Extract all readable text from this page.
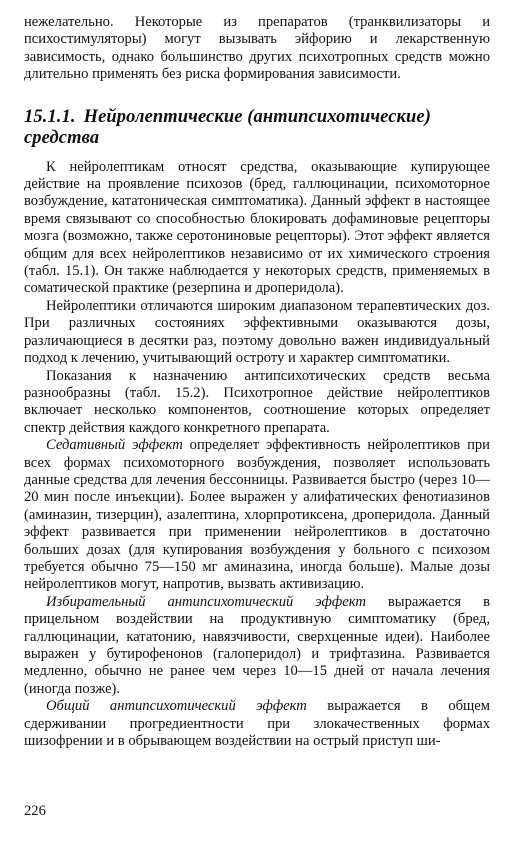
нежелательно. Некоторые из препаратов (транквилизаторы и психостимуляторы) могут вызывать эйфорию и лекарственную зависимость, однако большинство других психотропных средств можно длительно применять без риска формирования зависимости.

15.1.1. Нейролептические (антипсихотические) средства

К нейролептикам относят средства, оказывающие купирующее действие на проявление психозов (бред, галлюцинации, психомоторное возбуждение, кататоническая симптоматика). Данный эффект в настоящее время связывают со способностью блокировать дофаминовые рецепторы мозга (возможно, также серотониновые рецепторы). Этот эффект является общим для всех нейролептиков независимо от их химического строения (табл. 15.1). Он также наблюдается у некоторых средств, применяемых в соматической практике (резерпина и дроперидола).

Нейролептики отличаются широким диапазоном терапевтических доз. При различных состояниях эффективными оказываются дозы, различающиеся в десятки раз, поэтому довольно важен индивидуальный подход к лечению, учитывающий остроту и характер симптоматики.

Показания к назначению антипсихотических средств весьма разнообразны (табл. 15.2). Психотропное действие нейролептиков включает несколько компонентов, соотношение которых определяет спектр действия каждого конкретного препарата.

Седативный эффект определяет эффективность нейролептиков при всех формах психомоторного возбуждения, позволяет использовать данные средства для лечения бессонницы. Развивается быстро (через 10—20 мин после инъекции). Более выражен у алифатических фенотиазинов (аминазин, тизерцин), азалептина, хлорпротиксена, дроперидола. Данный эффект развивается при применении нейролептиков в достаточно больших дозах (для купирования возбуждения у больного с психозом требуется обычно 75—150 мг аминазина, иногда больше). Малые дозы нейролептиков могут, напротив, вызвать активизацию.

Избирательный антипсихотический эффект выражается в прицельном воздействии на продуктивную симптоматику (бред, галлюцинации, кататонию, навязчивости, сверхценные идеи). Наиболее выражен у бутирофенонов (галоперидол) и трифтазина. Развивается медленно, обычно не ранее чем через 10—15 дней от начала лечения (иногда позже).

Общий антипсихотический эффект выражается в общем сдерживании прогредиентности при злокачественных формах шизофрении и в обрывающем воздействии на острый приступ ши-

226
